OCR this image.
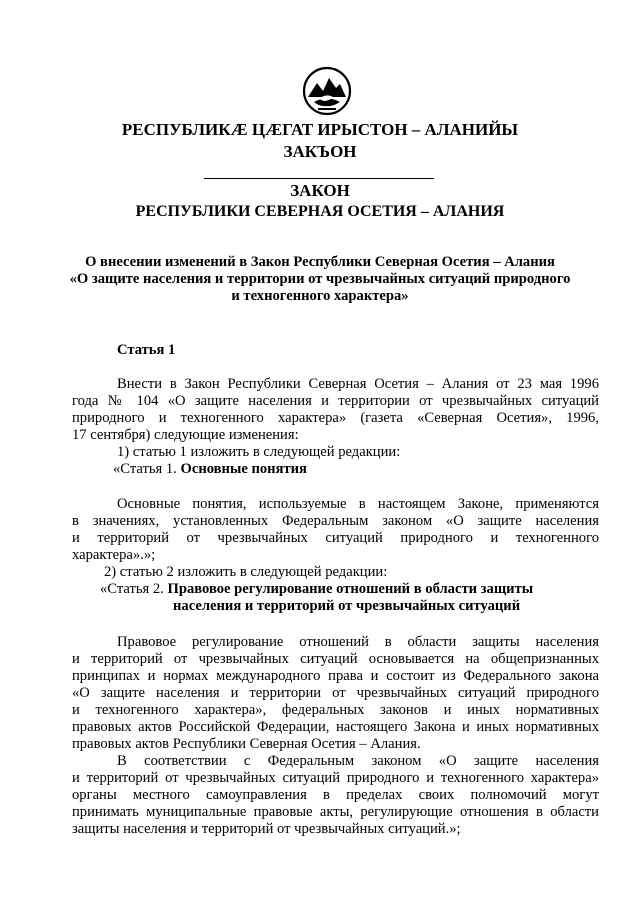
РЕСПУБЛИКÆ ЦÆГАТ ИРЫСТОН – АЛАНИЙЫ
ЗАКЪОН
ЗАКОН
РЕСПУБЛИКИ СЕВЕРНАЯ ОСЕТИЯ – АЛАНИЯ
О внесении изменений в Закон Республики Северная Осетия – Алания
«О защите населения и территории от чрезвычайных ситуаций природного
и техногенного характера»
Статья 1
Внести в Закон Республики Северная Осетия – Алания от 23 мая 1996
года № 104 «О защите населения и территории от чрезвычайных ситуаций
природного и техногенного характера» (газета «Северная Осетия», 1996,
17 сентября) следующие изменения:
1) статью 1 изложить в следующей редакции:
«Статья 1. Основные понятия
Основные понятия, используемые в настоящем Законе, применяются
в значениях, установленных Федеральным законом «О защите населения
и территорий от чрезвычайных ситуаций природного и техногенного
характера».»;
2) статью 2 изложить в следующей редакции:
«Статья 2. Правовое регулирование отношений в области защиты
населения и территорий от чрезвычайных ситуаций
Правовое регулирование отношений в области защиты населения
и территорий от чрезвычайных ситуаций основывается на общепризнанных
принципах и нормах международного права и состоит из Федерального закона
«О защите населения и территории от чрезвычайных ситуаций природного
и техногенного характера», федеральных законов и иных нормативных
правовых актов Российской Федерации, настоящего Закона и иных нормативных
правовых актов Республики Северная Осетия – Алания.
В соответствии с Федеральным законом «О защите населения
и территорий от чрезвычайных ситуаций природного и техногенного характера»
органы местного самоуправления в пределах своих полномочий могут
принимать муниципальные правовые акты, регулирующие отношения в области
защиты населения и территорий от чрезвычайных ситуаций.»;
